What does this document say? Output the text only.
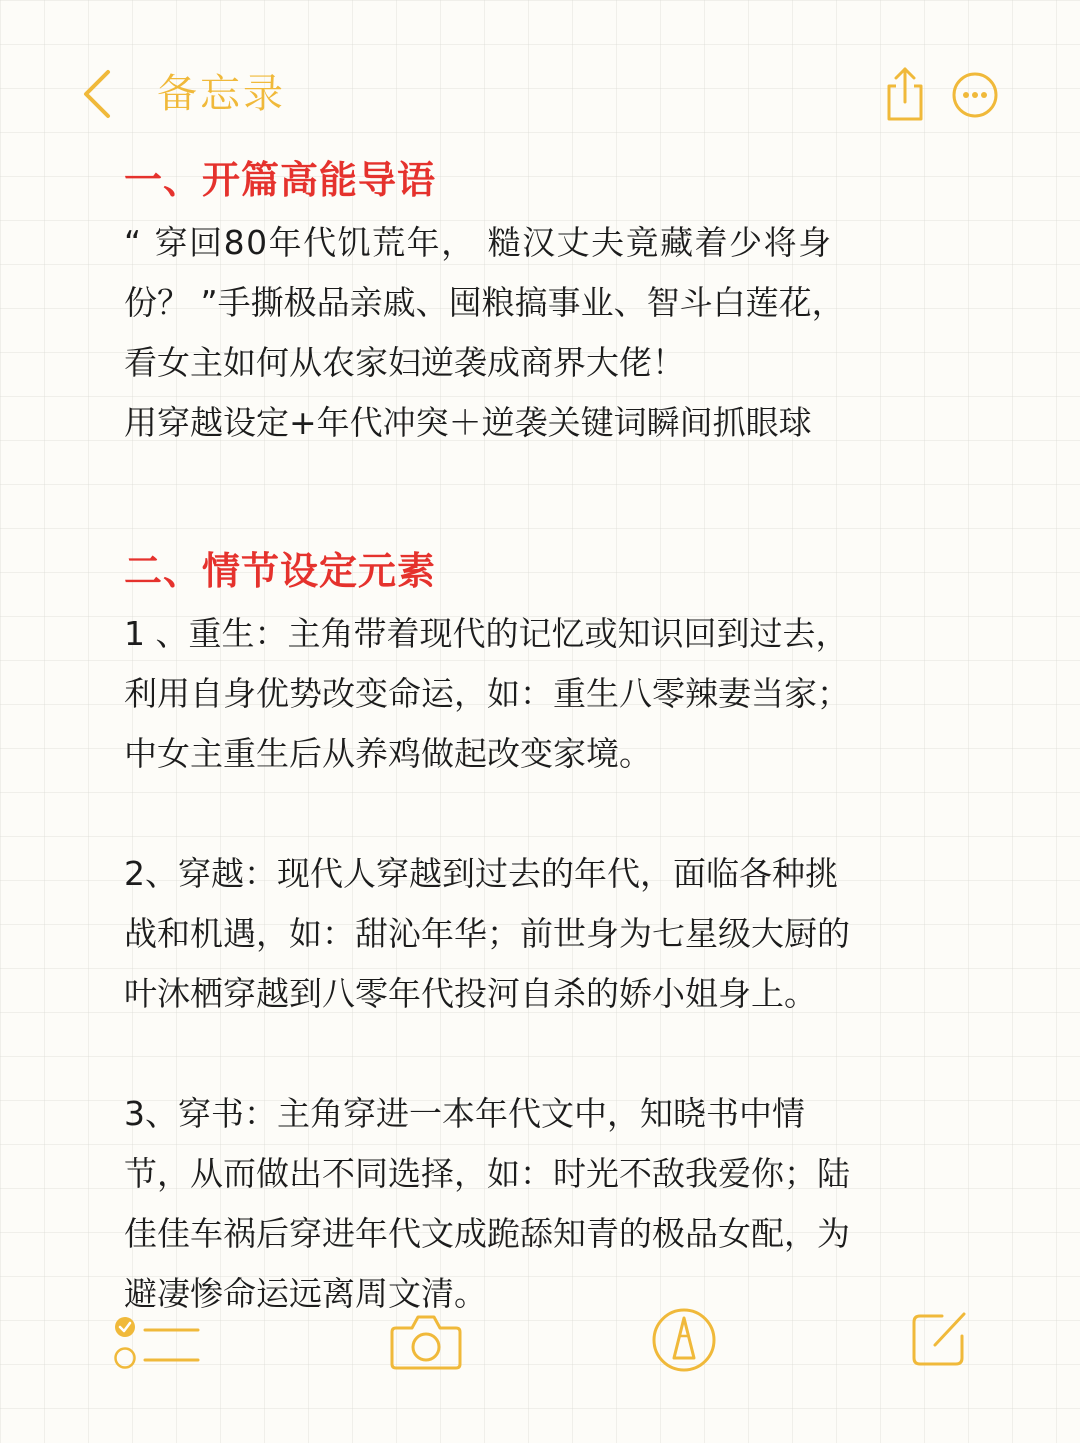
备忘录
一、开篇高能导语

“ 穿回80年代饥荒年， 糙汉丈夫竟藏着少将身

份？ ”手撕极品亲戚、囤粮搞事业、智斗白莲花，

看女主如何从农家妇逆袭成商界大佬！

用穿越设定+年代冲突＋逆袭关键词瞬间抓眼球

二、情节设定元素

1 、重生：主角带着现代的记忆或知识回到过去，

利用自身优势改变命运，如：重生八零辣妻当家；

中女主重生后从养鸡做起改变家境。

2、穿越：现代人穿越到过去的年代，面临各种挑

战和机遇，如：甜沁年华；前世身为七星级大厨的

叶沐栖穿越到八零年代投河自杀的娇小姐身上。

3、穿书：主角穿进一本年代文中，知晓书中情

节，从而做出不同选择，如：时光不敌我爱你；陆

佳佳车祸后穿进年代文成跪舔知青的极品女配，为

避凄惨命运远离周文清。
